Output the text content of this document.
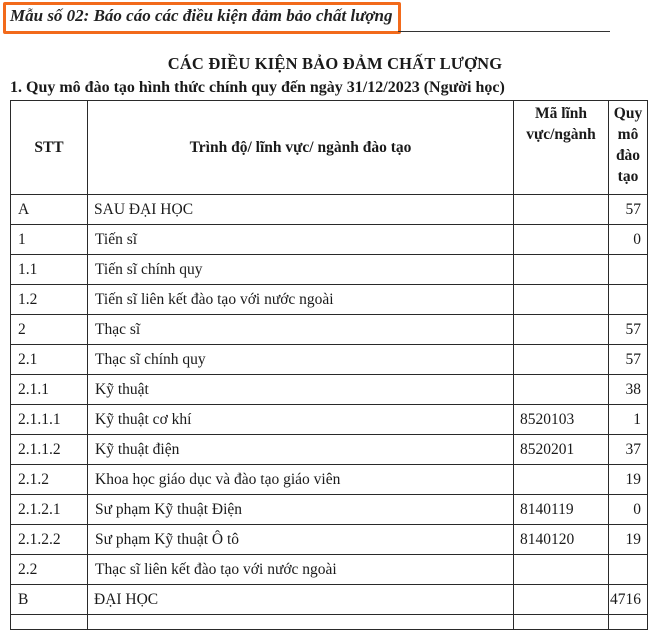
Mẫu số 02: Báo cáo các điều kiện đảm bảo chất lượng
CÁC ĐIỀU KIỆN BẢO ĐẢM CHẤT LƯỢNG
1. Quy mô đào tạo hình thức chính quy đến ngày 31/12/2023 (Người học)
STT	Trình độ/ lĩnh vực/ ngành đào tạo	Mã lĩnh vực/ngành	Quy mô đào tạo
A	SAU ĐẠI HỌC		57
1	Tiến sĩ		0
1.1	Tiến sĩ chính quy		
1.2	Tiến sĩ liên kết đào tạo với nước ngoài		
2	Thạc sĩ		57
2.1	Thạc sĩ chính quy		57
2.1.1	Kỹ thuật		38
2.1.1.1	Kỹ thuật cơ khí	8520103	1
2.1.1.2	Kỹ thuật điện	8520201	37
2.1.2	Khoa học giáo dục và đào tạo giáo viên		19
2.1.2.1	Sư phạm Kỹ thuật Điện	8140119	0
2.1.2.2	Sư phạm Kỹ thuật Ô tô	8140120	19
2.2	Thạc sĩ liên kết đào tạo với nước ngoài		
B	ĐẠI HỌC		4716
